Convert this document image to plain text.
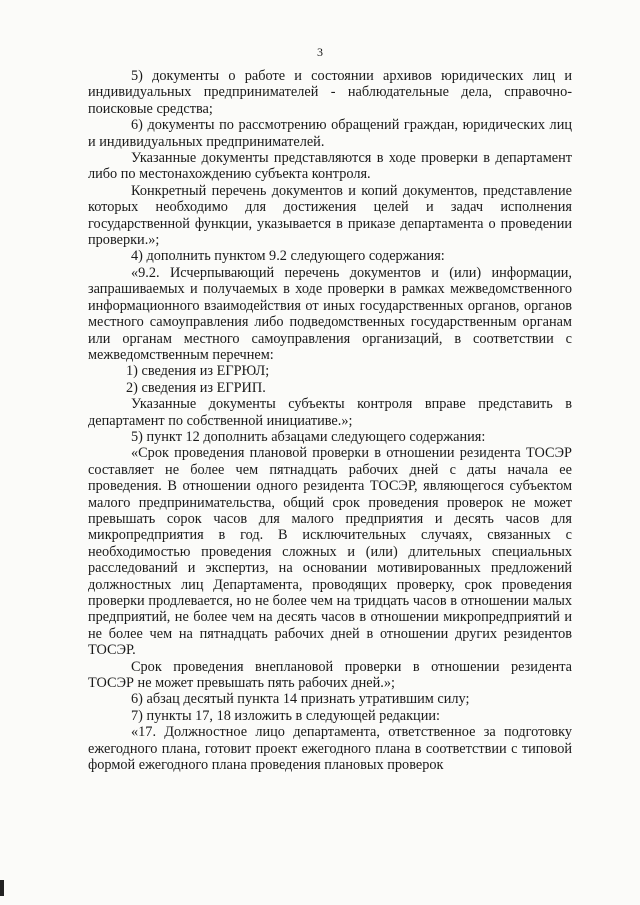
3

5) документы о работе и состоянии архивов юридических лиц и индивидуальных предпринимателей - наблюдательные дела, справочно-поисковые средства;

6) документы по рассмотрению обращений граждан, юридических лиц и индивидуальных предпринимателей.

Указанные документы представляются в ходе проверки в департамент либо по местонахождению субъекта контроля.

Конкретный перечень документов и копий документов, представление которых необходимо для достижения целей и задач исполнения государственной функции, указывается в приказе департамента о проведении проверки.»;

4) дополнить пунктом 9.2 следующего содержания:

«9.2. Исчерпывающий перечень документов и (или) информации, запрашиваемых и получаемых в ходе проверки в рамках межведомственного информационного взаимодействия от иных государственных органов, органов местного самоуправления либо подведомственных государственным органам или органам местного самоуправления организаций, в соответствии с межведомственным перечнем:

1) сведения из ЕГРЮЛ;

2) сведения из ЕГРИП.

Указанные документы субъекты контроля вправе представить в департамент по собственной инициативе.»;

5) пункт 12 дополнить абзацами следующего содержания:

«Срок проведения плановой проверки в отношении резидента ТОСЭР составляет не более чем пятнадцать рабочих дней с даты начала ее проведения. В отношении одного резидента ТОСЭР, являющегося субъектом малого предпринимательства, общий срок проведения проверок не может превышать сорок часов для малого предприятия и десять часов для микропредприятия в год. В исключительных случаях, связанных с необходимостью проведения сложных и (или) длительных специальных расследований и экспертиз, на основании мотивированных предложений должностных лиц Департамента, проводящих проверку, срок проведения проверки продлевается, но не более чем на тридцать часов в отношении малых предприятий, не более чем на десять часов в отношении микропредприятий и не более чем на пятнадцать рабочих дней в отношении других резидентов ТОСЭР.

Срок проведения внеплановой проверки в отношении резидента ТОСЭР не может превышать пять рабочих дней.»;

6) абзац десятый пункта 14 признать утратившим силу;

7) пункты 17, 18 изложить в следующей редакции:

«17. Должностное лицо департамента, ответственное за подготовку ежегодного плана, готовит проект ежегодного плана в соответствии с типовой формой ежегодного плана проведения плановых проверок
